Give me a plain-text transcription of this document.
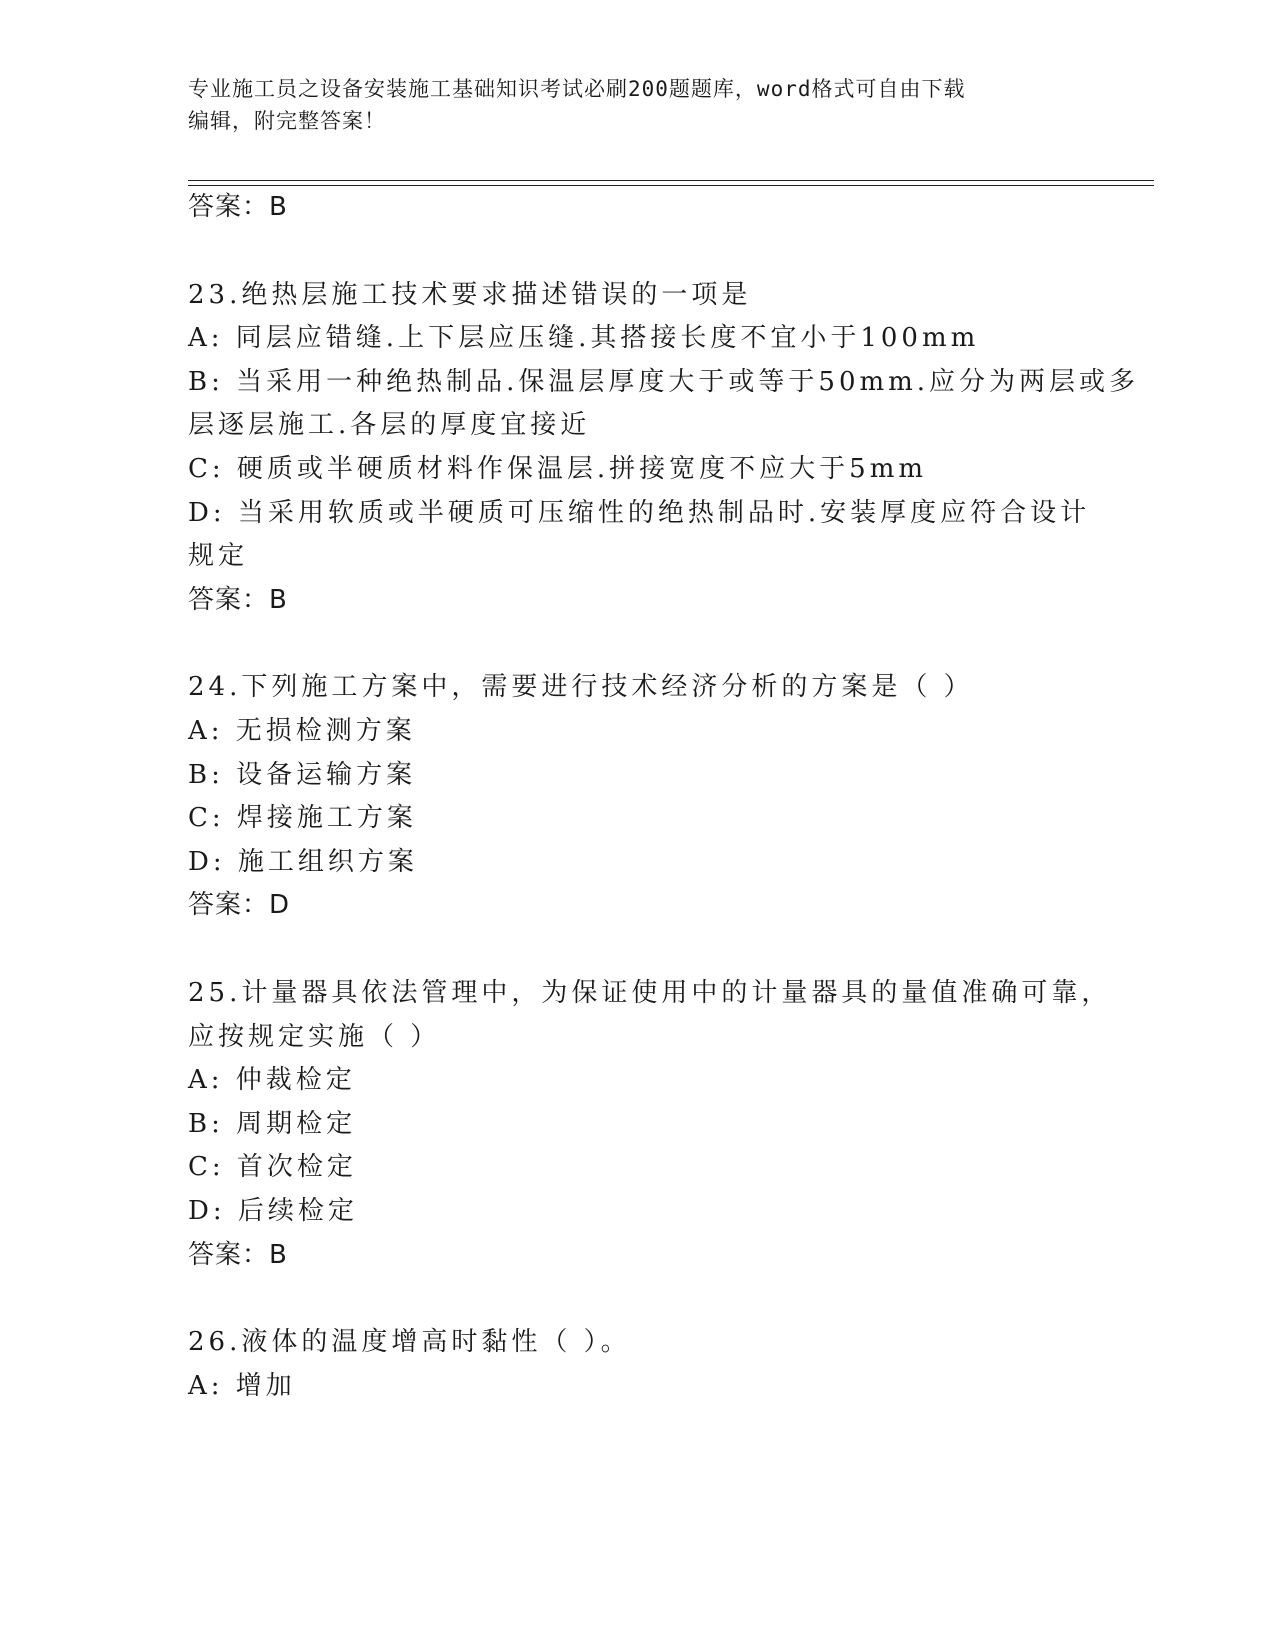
专业施工员之设备安装施工基础知识考试必刷200题题库，word格式可自由下载
编辑，附完整答案！
答案：B
23.绝热层施工技术要求描述错误的一项是
A: 同层应错缝.上下层应压缝.其搭接长度不宜小于100mm
B: 当采用一种绝热制品.保温层厚度大于或等于50mm.应分为两层或多
层逐层施工.各层的厚度宜接近
C: 硬质或半硬质材料作保温层.拼接宽度不应大于5mm
D: 当采用软质或半硬质可压缩性的绝热制品时.安装厚度应符合设计
规定
答案：B
24.下列施工方案中，需要进行技术经济分析的方案是（ ）
A: 无损检测方案
B: 设备运输方案
C: 焊接施工方案
D: 施工组织方案
答案：D
25.计量器具依法管理中，为保证使用中的计量器具的量值准确可靠，
应按规定实施（ ）
A: 仲裁检定
B: 周期检定
C: 首次检定
D: 后续检定
答案：B
26.液体的温度增高时黏性（ ）。
A: 增加
